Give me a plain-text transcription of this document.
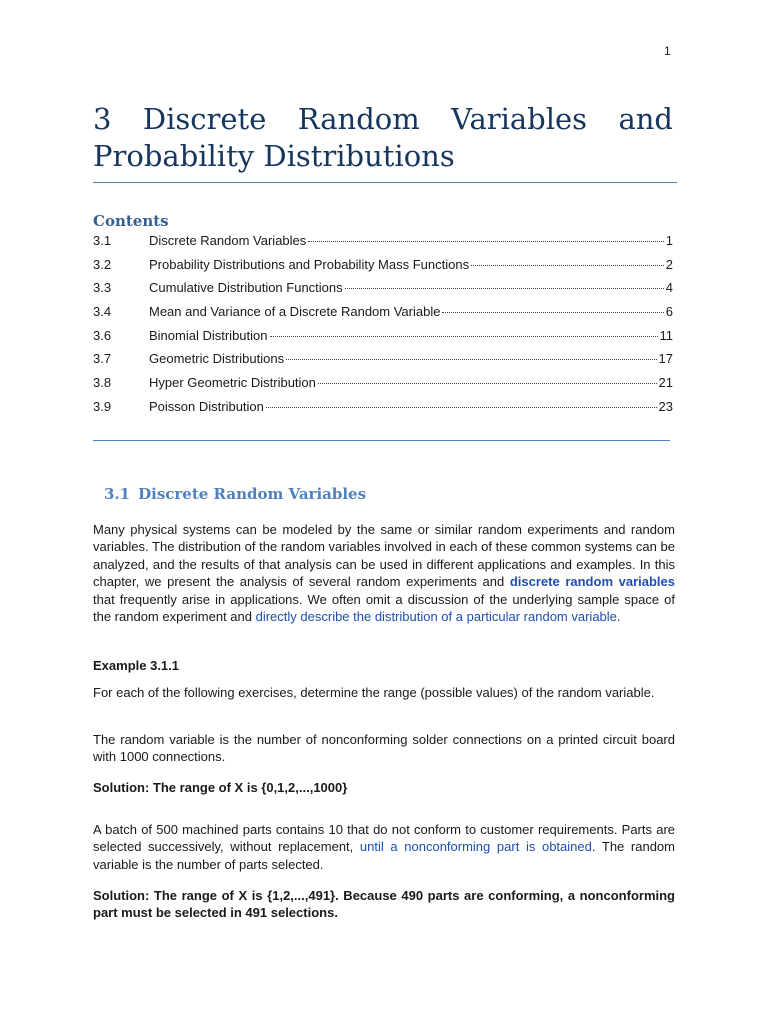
1
3 Discrete Random Variables and Probability Distributions
Contents
3.1	Discrete Random Variables	1
3.2	Probability Distributions and Probability Mass Functions	2
3.3	Cumulative Distribution Functions	4
3.4	Mean and Variance of a Discrete Random Variable	6
3.6	Binomial Distribution	11
3.7	Geometric Distributions	17
3.8	Hyper Geometric Distribution	21
3.9	Poisson Distribution	23
3.1 Discrete Random Variables

Many physical systems can be modeled by the same or similar random experiments and random variables. The distribution of the random variables involved in each of these common systems can be analyzed, and the results of that analysis can be used in different applications and examples. In this chapter, we present the analysis of several random experiments and discrete random variables that frequently arise in applications. We often omit a discussion of the underlying sample space of the random experiment and directly describe the distribution of a particular random variable.

Example 3.1.1

For each of the following exercises, determine the range (possible values) of the random variable.

The random variable is the number of nonconforming solder connections on a printed circuit board with 1000 connections.

Solution: The range of X is {0,1,2,...,1000}

A batch of 500 machined parts contains 10 that do not conform to customer requirements. Parts are selected successively, without replacement, until a nonconforming part is obtained. The random variable is the number of parts selected.

Solution: The range of X is {1,2,...,491}. Because 490 parts are conforming, a nonconforming part must be selected in 491 selections.
